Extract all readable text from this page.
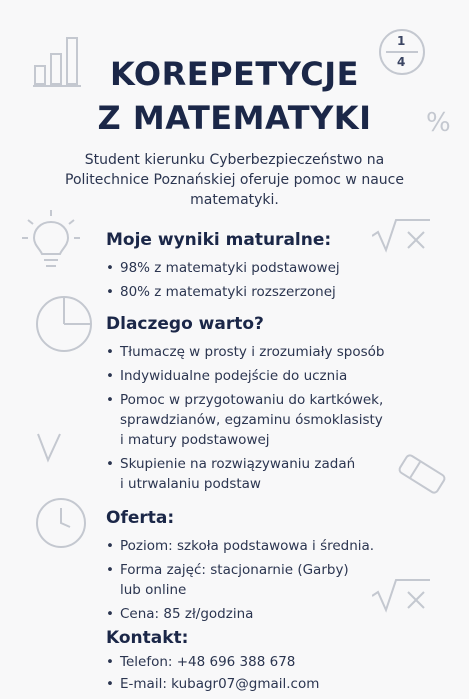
1
4
%
KOREPETYCJE
Z MATEMATYKI
Student kierunku Cyberbezpieczeństwo na
Politechnice Poznańskiej oferuje pomoc w nauce
matematyki.
Moje wyniki maturalne:
• 98% z matematyki podstawowej
• 80% z matematyki rozszerzonej
Dlaczego warto?
• Tłumaczę w prosty i zrozumiały sposób
• Indywidualne podejście do ucznia
• Pomoc w przygotowaniu do kartkówek,
sprawdzianów, egzaminu ósmoklasisty
i matury podstawowej
• Skupienie na rozwiązywaniu zadań
i utrwalaniu podstaw
Oferta:
• Poziom: szkoła podstawowa i średnia.
• Forma zajęć: stacjonarnie (Garby)
lub online
• Cena: 85 zł/godzina
Kontakt:
• Telefon: +48 696 388 678
• E-mail: kubagr07@gmail.com
